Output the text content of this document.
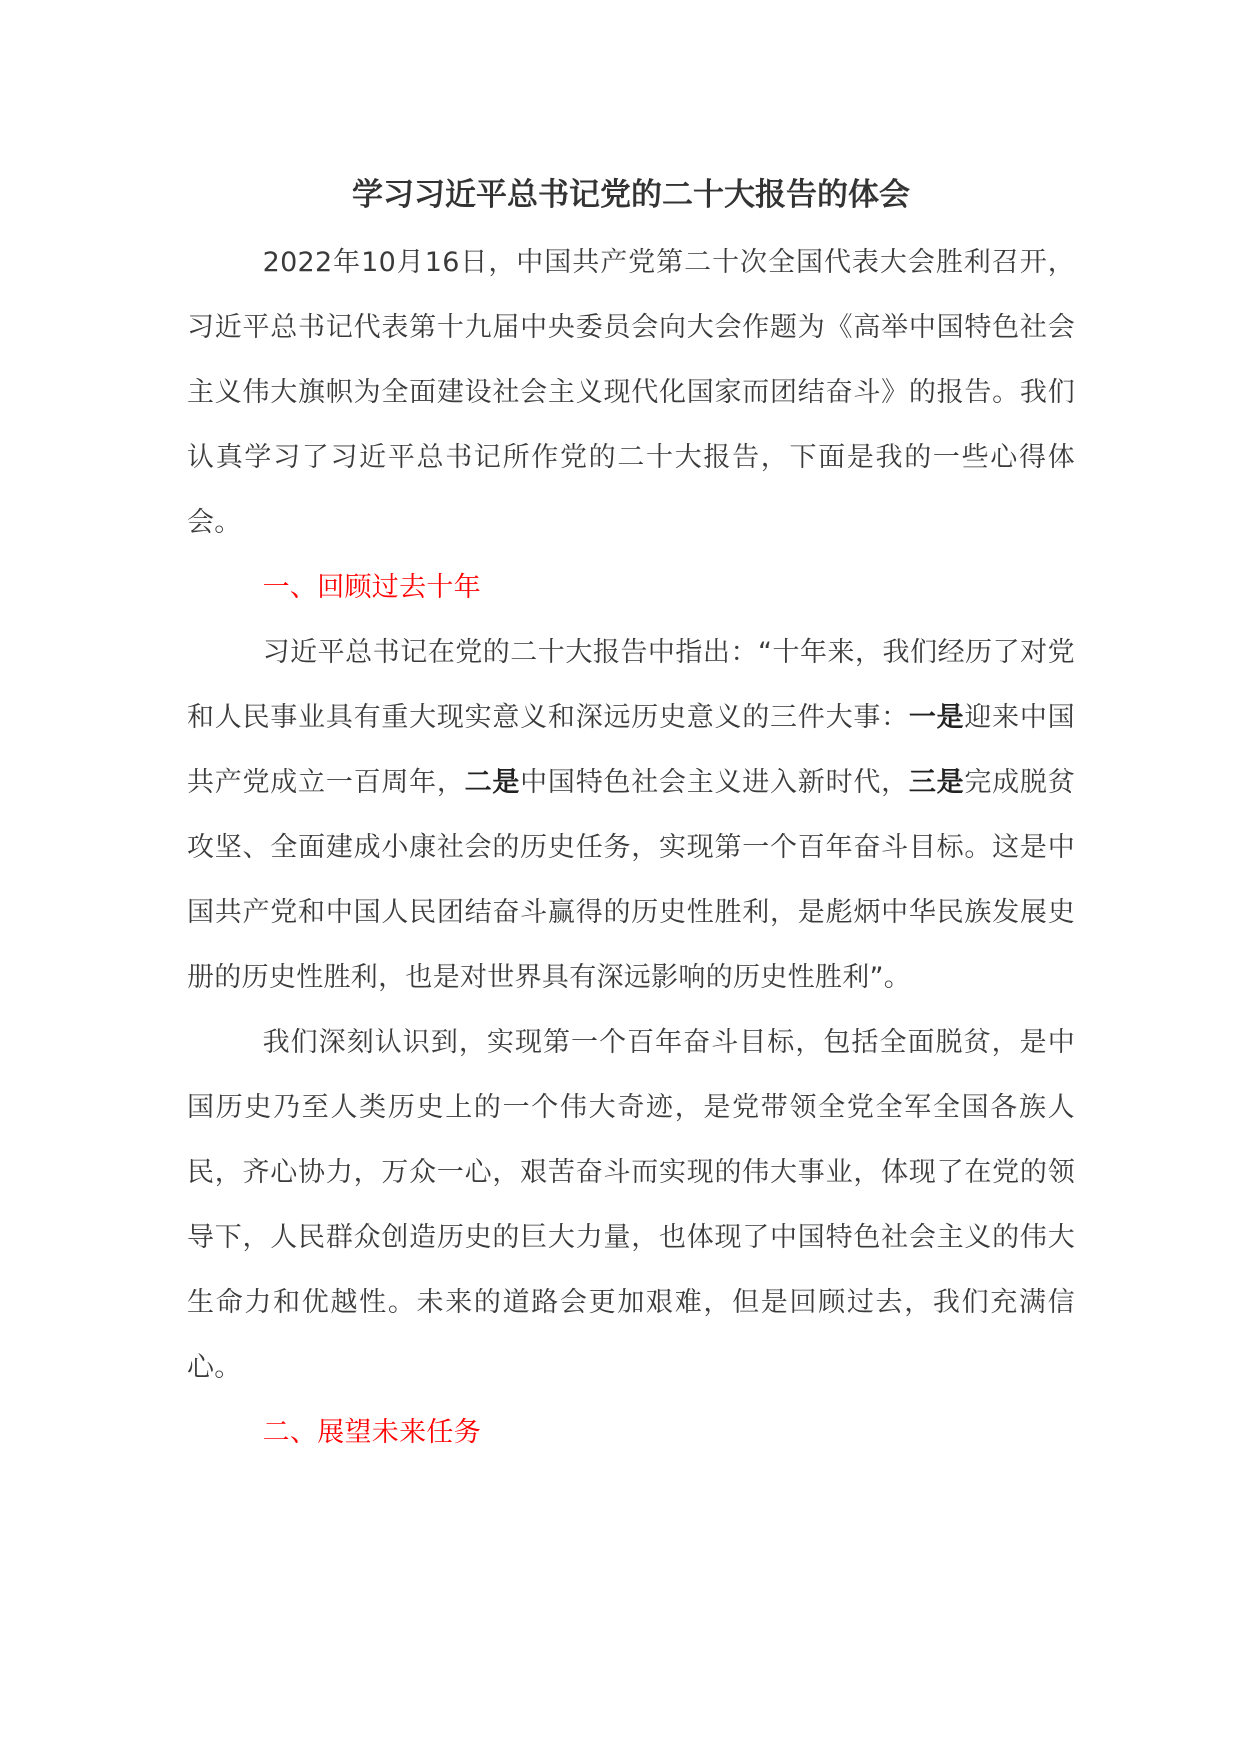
学习习近平总书记党的二十大报告的体会

2022年10月16日，中国共产党第二十次全国代表大会胜利召开，习近平总书记代表第十九届中央委员会向大会作题为《高举中国特色社会主义伟大旗帜为全面建设社会主义现代化国家而团结奋斗》的报告。我们认真学习了习近平总书记所作党的二十大报告，下面是我的一些心得体会。

一、回顾过去十年

习近平总书记在党的二十大报告中指出：“十年来，我们经历了对党和人民事业具有重大现实意义和深远历史意义的三件大事：一是迎来中国共产党成立一百周年，二是中国特色社会主义进入新时代，三是完成脱贫攻坚、全面建成小康社会的历史任务，实现第一个百年奋斗目标。这是中国共产党和中国人民团结奋斗赢得的历史性胜利，是彪炳中华民族发展史册的历史性胜利，也是对世界具有深远影响的历史性胜利”。

我们深刻认识到，实现第一个百年奋斗目标，包括全面脱贫，是中国历史乃至人类历史上的一个伟大奇迹，是党带领全党全军全国各族人民，齐心协力，万众一心，艰苦奋斗而实现的伟大事业，体现了在党的领导下，人民群众创造历史的巨大力量，也体现了中国特色社会主义的伟大生命力和优越性。未来的道路会更加艰难，但是回顾过去，我们充满信心。

二、展望未来任务
